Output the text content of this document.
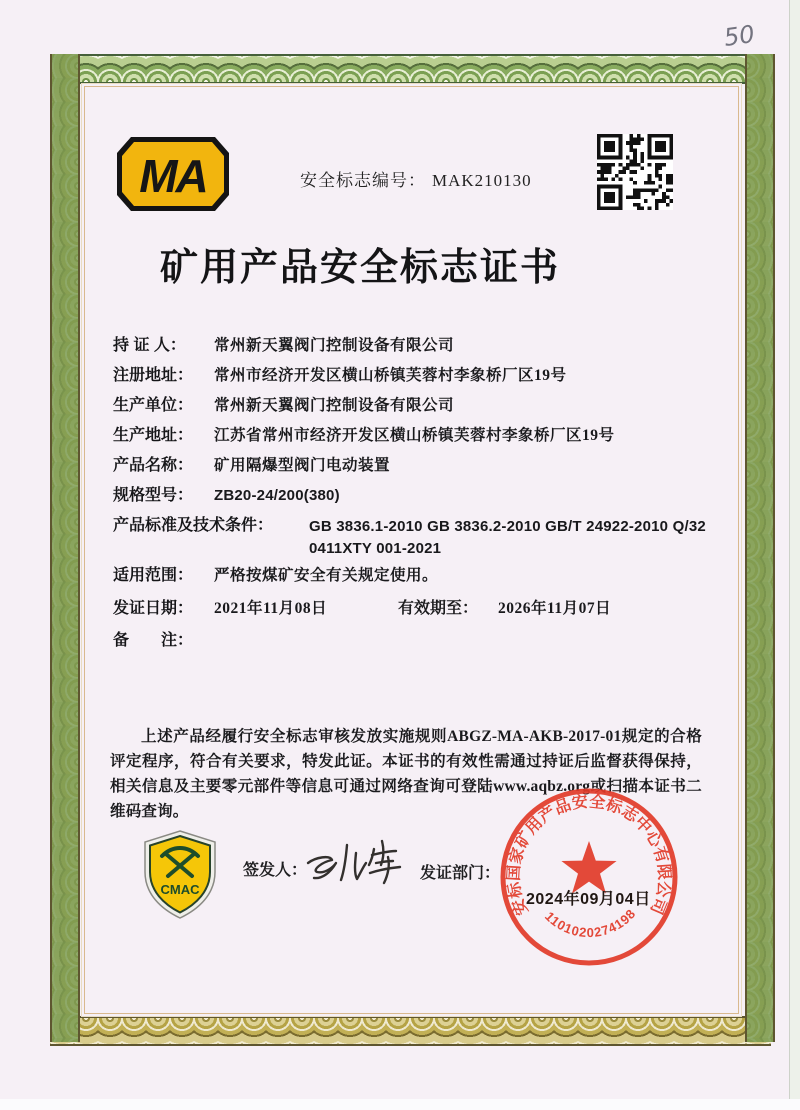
50
MA	安全标志编号： MAK210130
矿用产品安全标志证书
持 证 人：	常州新天翼阀门控制设备有限公司
注册地址：	常州市经济开发区横山桥镇芙蓉村李象桥厂区19号
生产单位：	常州新天翼阀门控制设备有限公司
生产地址：	江苏省常州市经济开发区横山桥镇芙蓉村李象桥厂区19号
产品名称：	矿用隔爆型阀门电动装置
规格型号：	ZB20-24/200(380)
产品标准及技术条件：	GB 3836.1-2010 GB 3836.2-2010 GB/T 24922-2010 Q/320411XTY 001-2021
适用范围：	严格按煤矿安全有关规定使用。
发证日期：	2021年11月08日	有效期至：	2026年11月07日
备　　注：
上述产品经履行安全标志审核发放实施规则ABGZ-MA-AKB-2017-01规定的合格评定程序，符合有关要求，特发此证。本证书的有效性需通过持证后监督获得保持，相关信息及主要零元部件等信息可通过网络查询可登陆www.aqbz.org或扫描本证书二维码查询。
CMAC
签发人：	发证部门：
安标国家矿用产品安全标志中心有限公司
1101020274198
2024年09月04日
